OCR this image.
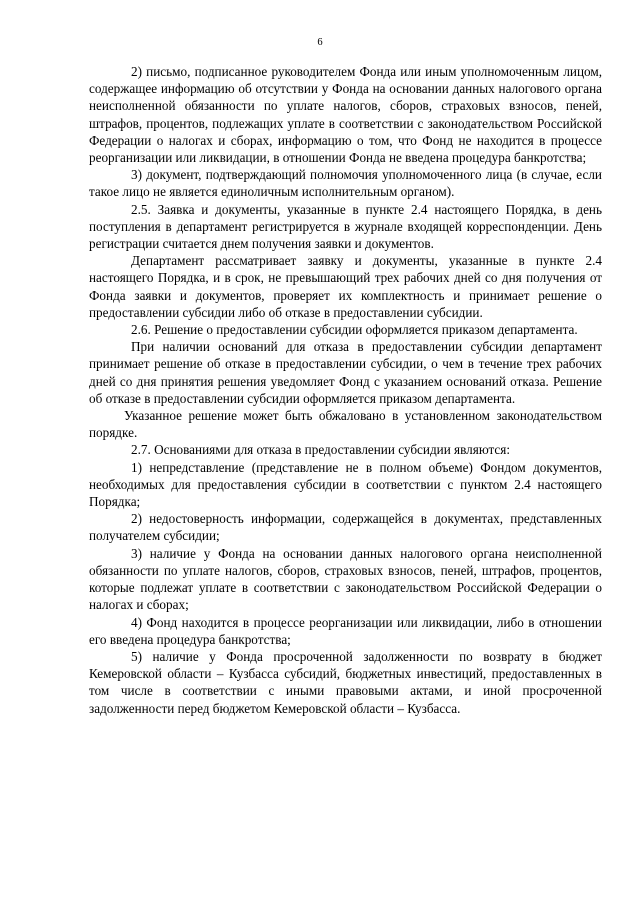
6

2) письмо, подписанное руководителем Фонда или иным уполномоченным лицом, содержащее информацию об отсутствии у Фонда на основании данных налогового органа неисполненной обязанности по уплате налогов, сборов, страховых взносов, пеней, штрафов, процентов, подлежащих уплате в соответствии с законодательством Российской Федерации о налогах и сборах, информацию о том, что Фонд не находится в процессе реорганизации или ликвидации, в отношении Фонда не введена процедура банкротства;

3) документ, подтверждающий полномочия уполномоченного лица (в случае, если такое лицо не является единоличным исполнительным органом).

2.5. Заявка и документы, указанные в пункте 2.4 настоящего Порядка, в день поступления в департамент регистрируется в журнале входящей корреспонденции. День регистрации считается днем получения заявки и документов.

Департамент рассматривает заявку и документы, указанные в пункте 2.4 настоящего Порядка, и в срок, не превышающий трех рабочих дней со дня получения от Фонда заявки и документов, проверяет их комплектность и принимает решение о предоставлении субсидии либо об отказе в предоставлении субсидии.

2.6. Решение о предоставлении субсидии оформляется приказом департамента.

При наличии оснований для отказа в предоставлении субсидии департамент принимает решение об отказе в предоставлении субсидии, о чем в течение трех рабочих дней со дня принятия решения уведомляет Фонд с указанием оснований отказа. Решение об отказе в предоставлении субсидии оформляется приказом департамента.

Указанное решение может быть обжаловано в установленном законодательством порядке.

2.7. Основаниями для отказа в предоставлении субсидии являются:

1) непредставление (представление не в полном объеме) Фондом документов, необходимых для предоставления субсидии в соответствии с пунктом 2.4 настоящего Порядка;

2) недостоверность информации, содержащейся в документах, представленных получателем субсидии;

3) наличие у Фонда на основании данных налогового органа неисполненной обязанности по уплате налогов, сборов, страховых взносов, пеней, штрафов, процентов, которые подлежат уплате в соответствии с законодательством Российской Федерации о налогах и сборах;

4) Фонд находится в процессе реорганизации или ликвидации, либо в отношении его введена процедура банкротства;

5) наличие у Фонда просроченной задолженности по возврату в бюджет Кемеровской области – Кузбасса субсидий, бюджетных инвестиций, предоставленных в том числе в соответствии с иными правовыми актами, и иной просроченной задолженности перед бюджетом Кемеровской области – Кузбасса.
